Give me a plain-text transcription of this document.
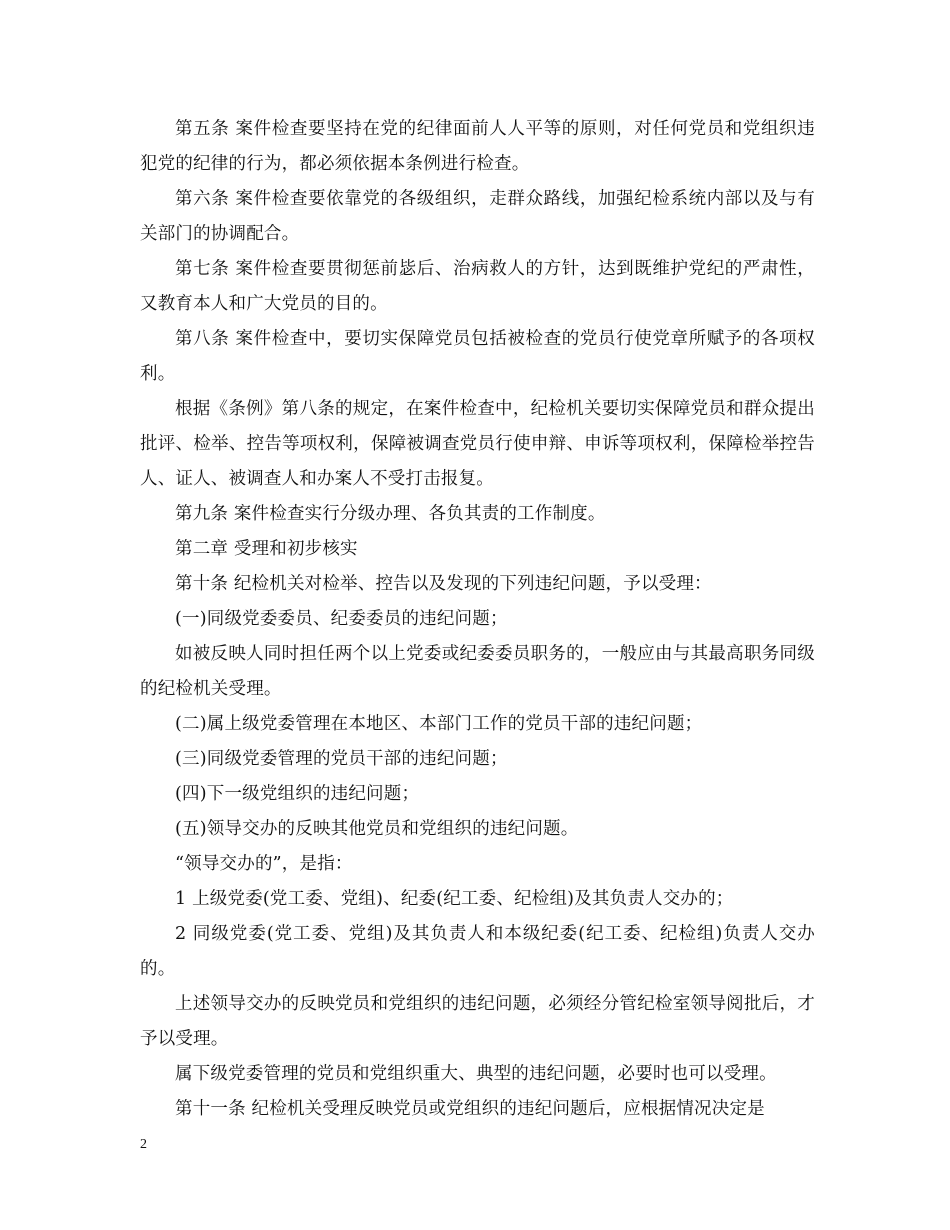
第五条 案件检查要坚持在党的纪律面前人人平等的原则，对任何党员和党组织违犯党的纪律的行为，都必须依据本条例进行检查。

第六条 案件检查要依靠党的各级组织，走群众路线，加强纪检系统内部以及与有关部门的协调配合。

第七条 案件检查要贯彻惩前毖后、治病救人的方针，达到既维护党纪的严肃性，又教育本人和广大党员的目的。

第八条 案件检查中，要切实保障党员包括被检查的党员行使党章所赋予的各项权利。

根据《条例》第八条的规定，在案件检查中，纪检机关要切实保障党员和群众提出批评、检举、控告等项权利，保障被调查党员行使申辩、申诉等项权利，保障检举控告人、证人、被调查人和办案人不受打击报复。

第九条 案件检查实行分级办理、各负其责的工作制度。

第二章 受理和初步核实

第十条 纪检机关对检举、控告以及发现的下列违纪问题，予以受理：

(一)同级党委委员、纪委委员的违纪问题；

如被反映人同时担任两个以上党委或纪委委员职务的，一般应由与其最高职务同级的纪检机关受理。

(二)属上级党委管理在本地区、本部门工作的党员干部的违纪问题；

(三)同级党委管理的党员干部的违纪问题；

(四)下一级党组织的违纪问题；

(五)领导交办的反映其他党员和党组织的违纪问题。

“领导交办的”，是指：

1 上级党委(党工委、党组)、纪委(纪工委、纪检组)及其负责人交办的；

2 同级党委(党工委、党组)及其负责人和本级纪委(纪工委、纪检组)负责人交办的。

上述领导交办的反映党员和党组织的违纪问题，必须经分管纪检室领导阅批后，才予以受理。

属下级党委管理的党员和党组织重大、典型的违纪问题，必要时也可以受理。

第十一条 纪检机关受理反映党员或党组织的违纪问题后，应根据情况决定是

2
